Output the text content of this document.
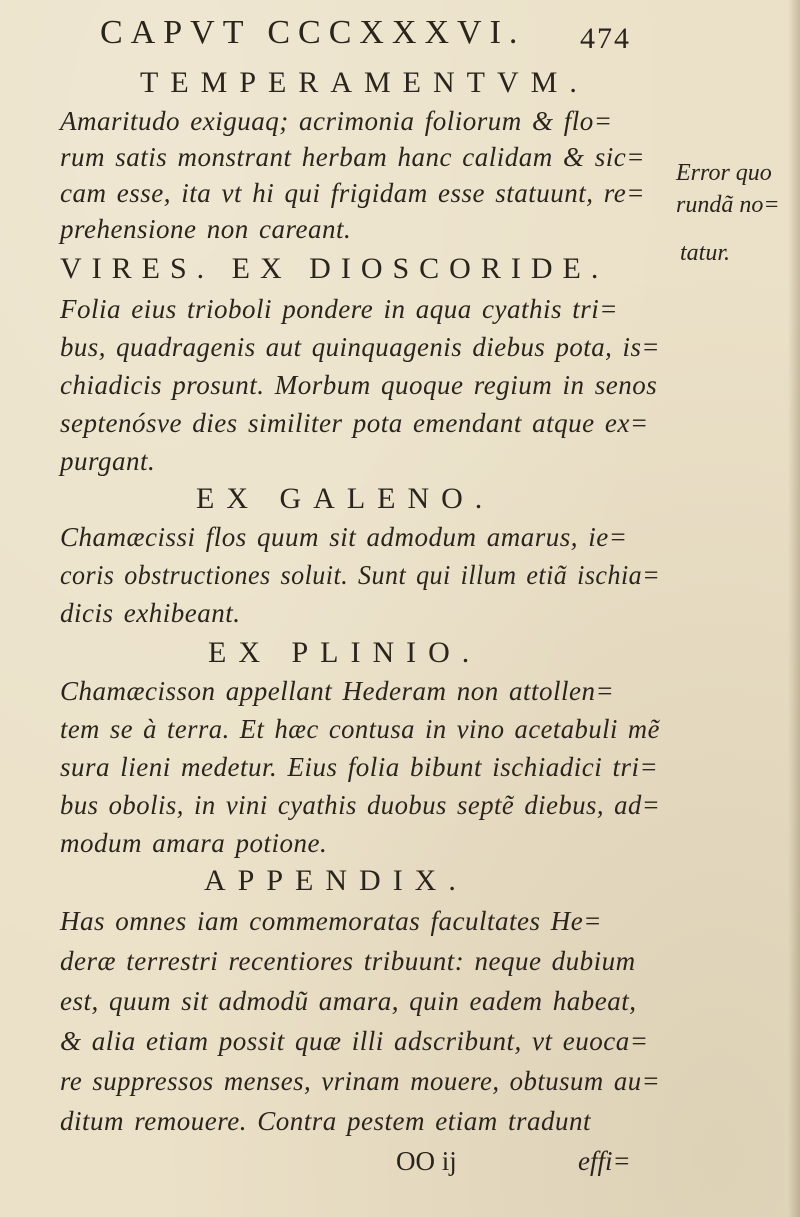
CAPVT CCCXXXVI. 474
TEMPERAMENTVM.
Amaritudo exiguaq; acrimonia foliorum & flo=
rum satis monstrant herbam hanc calidam & sic=
cam esse, ita vt hi qui frigidam esse statuunt, re=
prehensione non careant.
Error quo
rundã no=
tatur.
VIRES. EX DIOSCORIDE.
Folia eius trioboli pondere in aqua cyathis tri=
bus, quadragenis aut quinquagenis diebus pota, is=
chiadicis prosunt. Morbum quoque regium in senos
septenósve dies similiter pota emendant atque ex=
purgant.
EX GALENO.
Chamæcissi flos quum sit admodum amarus, ie=
coris obstructiones soluit. Sunt qui illum etiã ischia=
dicis exhibeant.
EX PLINIO.
Chamæcisson appellant Hederam non attollen=
tem se à terra. Et hæc contusa in vino acetabuli mẽ
sura lieni medetur. Eius folia bibunt ischiadici tri=
bus obolis, in vini cyathis duobus septẽ diebus, ad=
modum amara potione.
APPENDIX.
Has omnes iam commemoratas facultates He=
deræ terrestri recentiores tribuunt: neque dubium
est, quum sit admodũ amara, quin eadem habeat,
& alia etiam possit quæ illi adscribunt, vt euoca=
re suppressos menses, vrinam mouere, obtusum au=
ditum remouere. Contra pestem etiam tradunt
OO ij	effi=
